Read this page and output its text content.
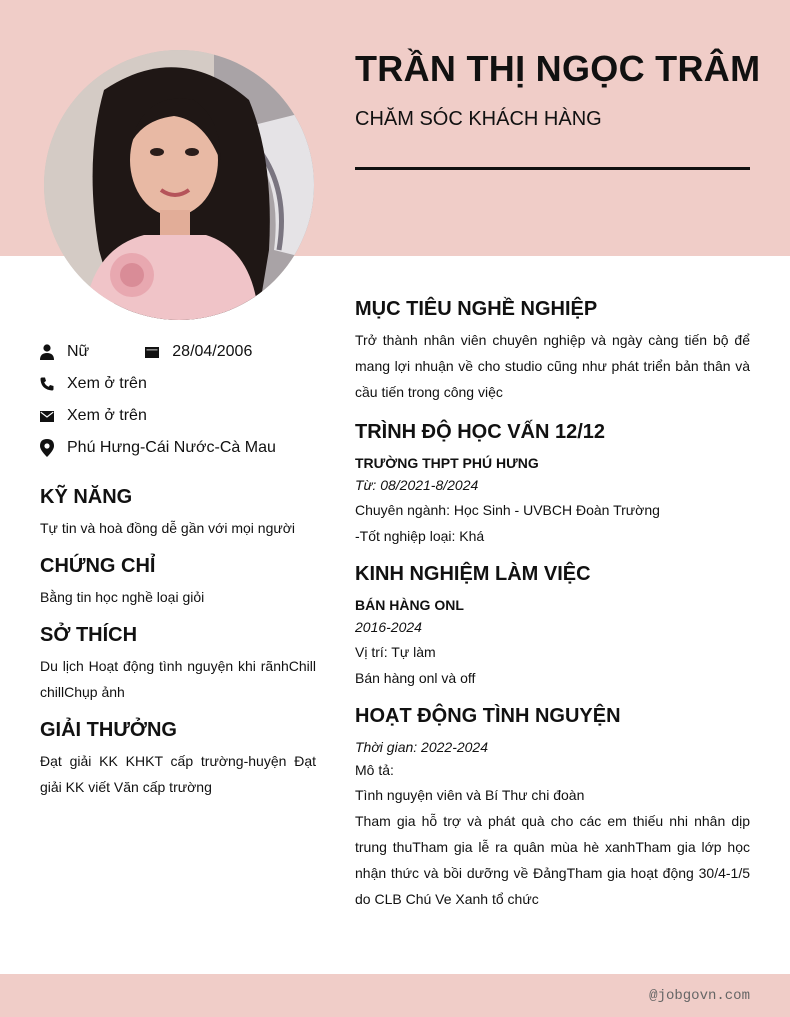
TRẦN THỊ NGỌC TRÂM
CHĂM SÓC KHÁCH HÀNG
Nữ	28/04/2006
Xem ở trên
Xem ở trên
Phú Hưng-Cái Nước-Cà Mau
KỸ NĂNG
Tự tin và hoà đồng dễ gần với mọi người
CHỨNG CHỈ
Bằng tin học nghề loại giỏi
SỞ THÍCH
Du lịch Hoạt động tình nguyện khi rãnhChill chillChụp ảnh
GIẢI THƯỞNG
Đạt giải KK KHKT cấp trường-huyện Đạt giải KK viết Văn cấp trường
MỤC TIÊU NGHỀ NGHIỆP
Trở thành nhân viên chuyên nghiệp và ngày càng tiến bộ để mang lợi nhuận về cho studio cũng như phát triển bản thân và cầu tiến trong công việc
TRÌNH ĐỘ HỌC VẤN 12/12
TRƯỜNG THPT PHÚ HƯNG
Từ: 08/2021-8/2024
Chuyên ngành: Học Sinh - UVBCH Đoàn Trường
-Tốt nghiệp loại: Khá
KINH NGHIỆM LÀM VIỆC
BÁN HÀNG ONL
2016-2024
Vị trí: Tự làm
Bán hàng onl và off
HOẠT ĐỘNG TÌNH NGUYỆN
Thời gian: 2022-2024
Mô tả:
Tình nguyện viên và Bí Thư chi đoàn
Tham gia hỗ trợ và phát quà cho các em thiếu nhi nhân dịp trung thuTham gia lễ ra quân mùa hè xanhTham gia lớp học nhận thức và bồi dưỡng về ĐảngTham gia hoạt động 30/4-1/5 do CLB Chú Ve Xanh tổ chức
@jobgovn.com
